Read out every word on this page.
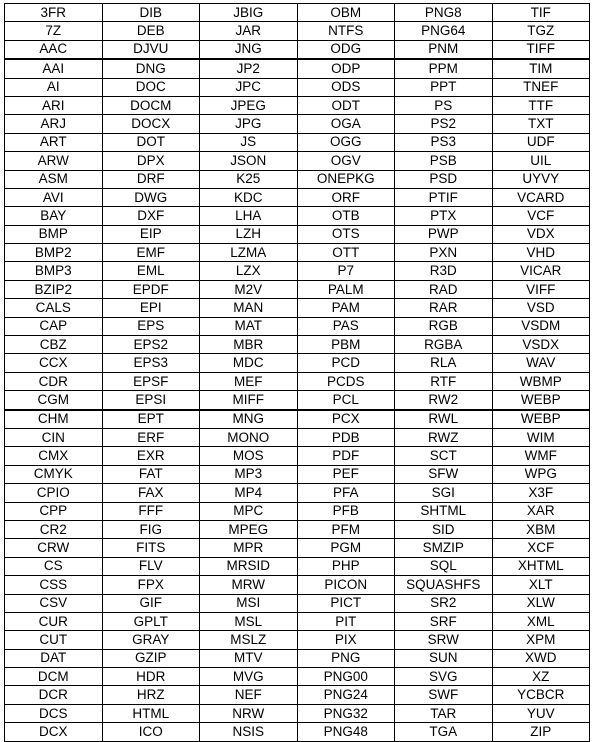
3FR	DIB	JBIG	OBM	PNG8	TIF
7Z	DEB	JAR	NTFS	PNG64	TGZ
AAC	DJVU	JNG	ODG	PNM	TIFF
AAI	DNG	JP2	ODP	PPM	TIM
AI	DOC	JPC	ODS	PPT	TNEF
ARI	DOCM	JPEG	ODT	PS	TTF
ARJ	DOCX	JPG	OGA	PS2	TXT
ART	DOT	JS	OGG	PS3	UDF
ARW	DPX	JSON	OGV	PSB	UIL
ASM	DRF	K25	ONEPKG	PSD	UYVY
AVI	DWG	KDC	ORF	PTIF	VCARD
BAY	DXF	LHA	OTB	PTX	VCF
BMP	EIP	LZH	OTS	PWP	VDX
BMP2	EMF	LZMA	OTT	PXN	VHD
BMP3	EML	LZX	P7	R3D	VICAR
BZIP2	EPDF	M2V	PALM	RAD	VIFF
CALS	EPI	MAN	PAM	RAR	VSD
CAP	EPS	MAT	PAS	RGB	VSDM
CBZ	EPS2	MBR	PBM	RGBA	VSDX
CCX	EPS3	MDC	PCD	RLA	WAV
CDR	EPSF	MEF	PCDS	RTF	WBMP
CGM	EPSI	MIFF	PCL	RW2	WEBP
CHM	EPT	MNG	PCX	RWL	WEBP
CIN	ERF	MONO	PDB	RWZ	WIM
CMX	EXR	MOS	PDF	SCT	WMF
CMYK	FAT	MP3	PEF	SFW	WPG
CPIO	FAX	MP4	PFA	SGI	X3F
CPP	FFF	MPC	PFB	SHTML	XAR
CR2	FIG	MPEG	PFM	SID	XBM
CRW	FITS	MPR	PGM	SMZIP	XCF
CS	FLV	MRSID	PHP	SQL	XHTML
CSS	FPX	MRW	PICON	SQUASHFS	XLT
CSV	GIF	MSI	PICT	SR2	XLW
CUR	GPLT	MSL	PIT	SRF	XML
CUT	GRAY	MSLZ	PIX	SRW	XPM
DAT	GZIP	MTV	PNG	SUN	XWD
DCM	HDR	MVG	PNG00	SVG	XZ
DCR	HRZ	NEF	PNG24	SWF	YCBCR
DCS	HTML	NRW	PNG32	TAR	YUV
DCX	ICO	NSIS	PNG48	TGA	ZIP
